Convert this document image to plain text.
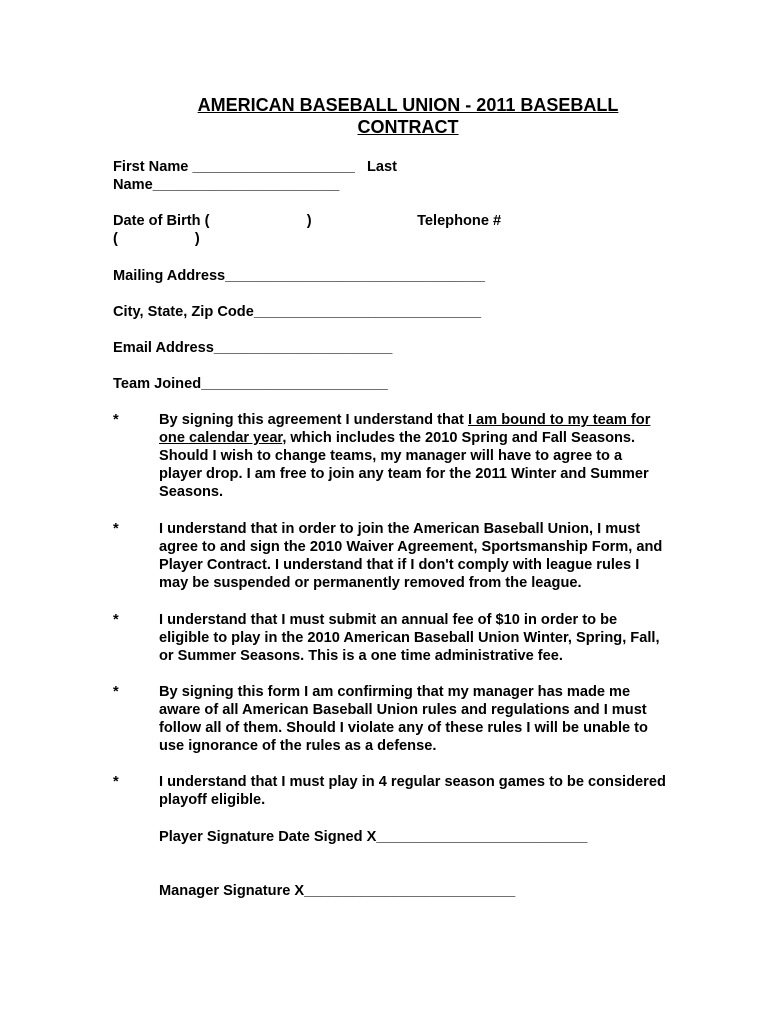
AMERICAN BASEBALL UNION - 2011 BASEBALL
CONTRACT
First Name ____________________   Last
Name_______________________
Date of Birth (                        )                          Telephone #
(                   )
Mailing Address________________________________
City, State, Zip Code____________________________
Email Address______________________
Team Joined_______________________
*	By signing this agreement I understand that I am bound to my team for one calendar year, which includes the 2010 Spring and Fall Seasons. Should I wish to change teams, my manager will have to agree to a player drop. I am free to join any team for the 2011 Winter and Summer Seasons.
*	I understand that in order to join the American Baseball Union, I must agree to and sign the 2010 Waiver Agreement, Sportsmanship Form, and Player Contract. I understand that if I don't comply with league rules I may be suspended or permanently removed from the league.
*	I understand that I must submit an annual fee of $10 in order to be eligible to play in the 2010 American Baseball Union Winter, Spring, Fall, or Summer Seasons. This is a one time administrative fee.
*	By signing this form I am confirming that my manager has made me aware of all American Baseball Union rules and regulations and I must follow all of them. Should I violate any of these rules I will be unable to use ignorance of the rules as a defense.
*	I understand that I must play in 4 regular season games to be considered playoff eligible.
Player Signature Date Signed X__________________________
Manager Signature X__________________________
